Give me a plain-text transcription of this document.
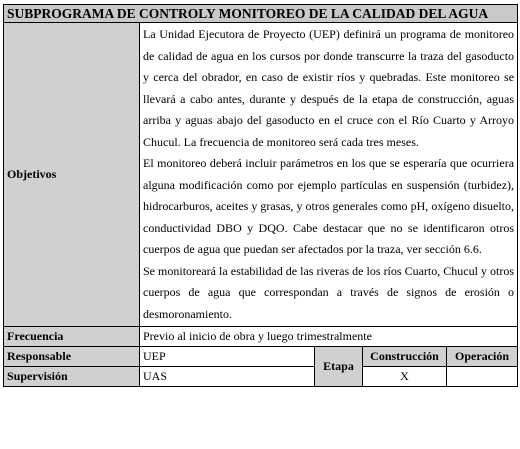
SUBPROGRAMA DE CONTROLY MONITOREO DE LA CALIDAD DEL AGUA				
Objetivos	La Unidad Ejecutora de Proyecto (UEP) definirá un programa de monitoreo de calidad de agua en los cursos por donde transcurre la traza del gasoducto y cerca del obrador, en caso de existir ríos y quebradas. Este monitoreo se llevará a cabo antes, durante y después de la etapa de construcción, aguas arriba y aguas abajo del gasoducto en el cruce con el Río Cuarto y Arroyo Chucul. La frecuencia de monitoreo será cada tres meses.

El monitoreo deberá incluir parámetros en los que se esperaría que ocurriera alguna modificación como por ejemplo partículas en suspensión (turbidez), hidrocarburos, aceites y grasas, y otros generales como pH, oxígeno disuelto, conductividad DBO y DQO. Cabe destacar que no se identificaron otros cuerpos de agua que puedan ser afectados por la traza, ver sección 6.6.

Se monitoreará la estabilidad de las riveras de los ríos Cuarto, Chucul y otros cuerpos de agua que correspondan a través de signos de erosión o desmoronamiento.			

Frecuencia	Previo al inicio de obra y luego trimestralmente			
Responsable	UEP	Etapa	Construcción	Operación
Supervisión	UAS		X	
